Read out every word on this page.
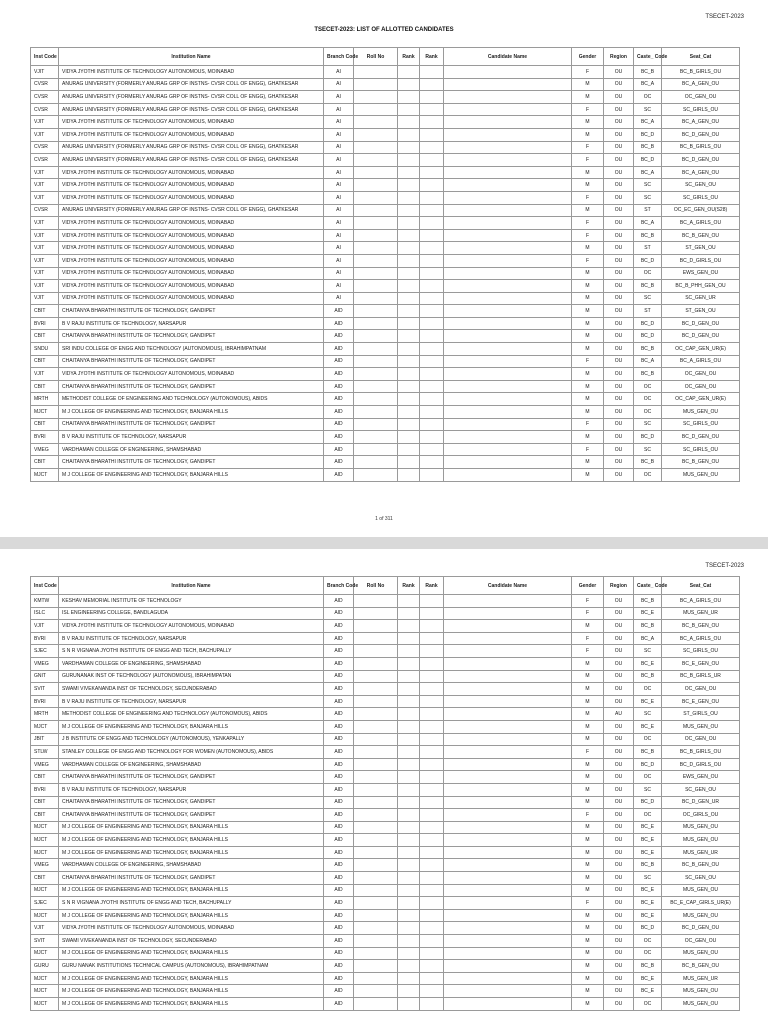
TSECET-2023
TSECET-2023: LIST OF ALLOTTED CANDIDATES
Inst Code	Institution Name	Branch Code	Roll No	Rank	Rank	Candidate Name	Gender	Region	Caste_ Code	Seat_Cat
VJIT	VIDYA JYOTHI INSTITUTE OF TECHNOLOGY AUTONOMOUS, MOINABAD	AI					F	OU	BC_B	BC_B_GIRLS_OU
CVSR	ANURAG UNIVERSITY (FORMERLY ANURAG GRP OF INSTNS- CVSR COLL OF ENGG), GHATKESAR	AI					M	OU	BC_A	BC_A_GEN_OU
CVSR	ANURAG UNIVERSITY (FORMERLY ANURAG GRP OF INSTNS- CVSR COLL OF ENGG), GHATKESAR	AI					M	OU	OC	OC_GEN_OU
CVSR	ANURAG UNIVERSITY (FORMERLY ANURAG GRP OF INSTNS- CVSR COLL OF ENGG), GHATKESAR	AI					F	OU	SC	SC_GIRLS_OU
VJIT	VIDYA JYOTHI INSTITUTE OF TECHNOLOGY AUTONOMOUS, MOINABAD	AI					M	OU	BC_A	BC_A_GEN_OU
VJIT	VIDYA JYOTHI INSTITUTE OF TECHNOLOGY AUTONOMOUS, MOINABAD	AI					M	OU	BC_D	BC_D_GEN_OU
CVSR	ANURAG UNIVERSITY (FORMERLY ANURAG GRP OF INSTNS- CVSR COLL OF ENGG), GHATKESAR	AI					F	OU	BC_B	BC_B_GIRLS_OU
CVSR	ANURAG UNIVERSITY (FORMERLY ANURAG GRP OF INSTNS- CVSR COLL OF ENGG), GHATKESAR	AI					F	OU	BC_D	BC_D_GEN_OU
VJIT	VIDYA JYOTHI INSTITUTE OF TECHNOLOGY AUTONOMOUS, MOINABAD	AI					M	OU	BC_A	BC_A_GEN_OU
VJIT	VIDYA JYOTHI INSTITUTE OF TECHNOLOGY AUTONOMOUS, MOINABAD	AI					M	OU	SC	SC_GEN_OU
VJIT	VIDYA JYOTHI INSTITUTE OF TECHNOLOGY AUTONOMOUS, MOINABAD	AI					F	OU	SC	SC_GIRLS_OU
CVSR	ANURAG UNIVERSITY (FORMERLY ANURAG GRP OF INSTNS- CVSR COLL OF ENGG), GHATKESAR	AI					M	OU	ST	OC_EC_GEN_OU(S28)
VJIT	VIDYA JYOTHI INSTITUTE OF TECHNOLOGY AUTONOMOUS, MOINABAD	AI					F	OU	BC_A	BC_A_GIRLS_OU
VJIT	VIDYA JYOTHI INSTITUTE OF TECHNOLOGY AUTONOMOUS, MOINABAD	AI					F	OU	BC_B	BC_B_GEN_OU
VJIT	VIDYA JYOTHI INSTITUTE OF TECHNOLOGY AUTONOMOUS, MOINABAD	AI					M	OU	ST	ST_GEN_OU
VJIT	VIDYA JYOTHI INSTITUTE OF TECHNOLOGY AUTONOMOUS, MOINABAD	AI					F	OU	BC_D	BC_D_GIRLS_OU
VJIT	VIDYA JYOTHI INSTITUTE OF TECHNOLOGY AUTONOMOUS, MOINABAD	AI					M	OU	OC	EWS_GEN_OU
VJIT	VIDYA JYOTHI INSTITUTE OF TECHNOLOGY AUTONOMOUS, MOINABAD	AI					M	OU	BC_B	BC_B_PHH_GEN_OU
VJIT	VIDYA JYOTHI INSTITUTE OF TECHNOLOGY AUTONOMOUS, MOINABAD	AI					M	OU	SC	SC_GEN_UR
CBIT	CHAITANYA BHARATHI INSTITUTE OF TECHNOLOGY, GANDIPET	AID					M	OU	ST	ST_GEN_OU
BVRI	B V RAJU INSTITUTE OF TECHNOLOGY, NARSAPUR	AID					M	OU	BC_D	BC_D_GEN_OU
CBIT	CHAITANYA BHARATHI INSTITUTE OF TECHNOLOGY, GANDIPET	AID					M	OU	BC_D	BC_D_GEN_OU
SNDU	SRI INDU COLLEGE OF ENGG AND TECHNOLOGY (AUTONOMOUS), IBRAHIMPATNAM	AID					M	OU	BC_B	OC_CAP_GEN_UR(E)
CBIT	CHAITANYA BHARATHI INSTITUTE OF TECHNOLOGY, GANDIPET	AID					F	OU	BC_A	BC_A_GIRLS_OU
VJIT	VIDYA JYOTHI INSTITUTE OF TECHNOLOGY AUTONOMOUS, MOINABAD	AID					M	OU	BC_B	OC_GEN_OU
CBIT	CHAITANYA BHARATHI INSTITUTE OF TECHNOLOGY, GANDIPET	AID					M	OU	OC	OC_GEN_OU
MRTH	METHODIST COLLEGE OF ENGINEERING AND TECHNOLOGY (AUTONOMOUS), ABIDS	AID					M	OU	OC	OC_CAP_GEN_UR(E)
MJCT	M J COLLEGE OF ENGINEERING AND TECHNOLOGY, BANJARA HILLS	AID					M	OU	OC	MUS_GEN_OU
CBIT	CHAITANYA BHARATHI INSTITUTE OF TECHNOLOGY, GANDIPET	AID					F	OU	SC	SC_GIRLS_OU
BVRI	B V RAJU INSTITUTE OF TECHNOLOGY, NARSAPUR	AID					M	OU	BC_D	BC_D_GEN_OU
VMEG	VARDHAMAN COLLEGE OF ENGINEERING, SHAMSHABAD	AID					F	OU	SC	SC_GIRLS_OU
CBIT	CHAITANYA BHARATHI INSTITUTE OF TECHNOLOGY, GANDIPET	AID					M	OU	BC_B	BC_B_GEN_OU
MJCT	M J COLLEGE OF ENGINEERING AND TECHNOLOGY, BANJARA HILLS	AID					M	OU	OC	MUS_GEN_OU
1 of 311
TSECET-2023
Inst Code	Institution Name	Branch Code	Roll No	Rank	Rank	Candidate Name	Gender	Region	Caste_ Code	Seat_Cat
KMTW	KESHAV MEMORIAL INSTITUTE OF TECHNOLOGY	AID					F	OU	BC_B	BC_A_GIRLS_OU
ISLC	ISL ENGINEERING COLLEGE, BANDLAGUDA	AID					F	OU	BC_E	MUS_GEN_UR
VJIT	VIDYA JYOTHI INSTITUTE OF TECHNOLOGY AUTONOMOUS, MOINABAD	AID					M	OU	BC_B	BC_B_GEN_OU
BVRI	B V RAJU INSTITUTE OF TECHNOLOGY, NARSAPUR	AID					F	OU	BC_A	BC_A_GIRLS_OU
SJEC	S N R VIGNANA JYOTHI INSTITUTE OF ENGG AND TECH, BACHUPALLY	AID					F	OU	SC	SC_GIRLS_OU
VMEG	VARDHAMAN COLLEGE OF ENGINEERING, SHAMSHABAD	AID					M	OU	BC_E	BC_E_GEN_OU
GNIT	GURUNANAK INST OF TECHNOLOGY (AUTONOMOUS), IBRAHIMPATAN	AID					M	OU	BC_B	BC_B_GIRLS_UR
SVIT	SWAMI VIVEKANANDA INST OF TECHNOLOGY, SECUNDERABAD	AID					M	OU	OC	OC_GEN_OU
BVRI	B V RAJU INSTITUTE OF TECHNOLOGY, NARSAPUR	AID					M	OU	BC_E	BC_E_GEN_OU
MRTH	METHODIST COLLEGE OF ENGINEERING AND TECHNOLOGY (AUTONOMOUS), ABIDS	AID					M	AU	SC	ST_GIRLS_OU
MJCT	M J COLLEGE OF ENGINEERING AND TECHNOLOGY, BANJARA HILLS	AID					M	OU	BC_E	MUS_GEN_OU
JBIT	J B INSTITUTE OF ENGG AND TECHNOLOGY (AUTONOMOUS), YENKAPALLY	AID					M	OU	OC	OC_GEN_OU
STLW	STANLEY COLLEGE OF ENGG AND TECHNOLOGY FOR WOMEN (AUTONOMOUS), ABIDS	AID					F	OU	BC_B	BC_B_GIRLS_OU
VMEG	VARDHAMAN COLLEGE OF ENGINEERING, SHAMSHABAD	AID					M	OU	BC_D	BC_D_GIRLS_OU
CBIT	CHAITANYA BHARATHI INSTITUTE OF TECHNOLOGY, GANDIPET	AID					M	OU	OC	EWS_GEN_OU
BVRI	B V RAJU INSTITUTE OF TECHNOLOGY, NARSAPUR	AID					M	OU	SC	SC_GEN_OU
CBIT	CHAITANYA BHARATHI INSTITUTE OF TECHNOLOGY, GANDIPET	AID					M	OU	BC_D	BC_D_GEN_UR
CBIT	CHAITANYA BHARATHI INSTITUTE OF TECHNOLOGY, GANDIPET	AID					F	OU	OC	OC_GIRLS_OU
MJCT	M J COLLEGE OF ENGINEERING AND TECHNOLOGY, BANJARA HILLS	AID					M	OU	BC_E	MUS_GEN_OU
MJCT	M J COLLEGE OF ENGINEERING AND TECHNOLOGY, BANJARA HILLS	AID					M	OU	BC_E	MUS_GEN_OU
MJCT	M J COLLEGE OF ENGINEERING AND TECHNOLOGY, BANJARA HILLS	AID					M	OU	BC_E	MUS_GEN_UR
VMEG	VARDHAMAN COLLEGE OF ENGINEERING, SHAMSHABAD	AID					M	OU	BC_B	BC_B_GEN_OU
CBIT	CHAITANYA BHARATHI INSTITUTE OF TECHNOLOGY, GANDIPET	AID					M	OU	SC	SC_GEN_OU
MJCT	M J COLLEGE OF ENGINEERING AND TECHNOLOGY, BANJARA HILLS	AID					M	OU	BC_E	MUS_GEN_OU
SJEC	S N R VIGNANA JYOTHI INSTITUTE OF ENGG AND TECH, BACHUPALLY	AID					F	OU	BC_E	BC_E_CAP_GIRLS_UR(E)
MJCT	M J COLLEGE OF ENGINEERING AND TECHNOLOGY, BANJARA HILLS	AID					M	OU	BC_E	MUS_GEN_OU
VJIT	VIDYA JYOTHI INSTITUTE OF TECHNOLOGY AUTONOMOUS, MOINABAD	AID					M	OU	BC_D	BC_D_GEN_OU
SVIT	SWAMI VIVEKANANDA INST OF TECHNOLOGY, SECUNDERABAD	AID					M	OU	OC	OC_GEN_OU
MJCT	M J COLLEGE OF ENGINEERING AND TECHNOLOGY, BANJARA HILLS	AID					M	OU	OC	MUS_GEN_OU
GURU	GURU NANAK INSTITUTIONS TECHNICAL CAMPUS (AUTONOMOUS), IBRAHIMPATNAM	AID					M	OU	BC_B	BC_B_GEN_OU
MJCT	M J COLLEGE OF ENGINEERING AND TECHNOLOGY, BANJARA HILLS	AID					M	OU	BC_E	MUS_GEN_UR
MJCT	M J COLLEGE OF ENGINEERING AND TECHNOLOGY, BANJARA HILLS	AID					M	OU	BC_E	MUS_GEN_OU
MJCT	M J COLLEGE OF ENGINEERING AND TECHNOLOGY, BANJARA HILLS	AID					M	OU	OC	MUS_GEN_OU
